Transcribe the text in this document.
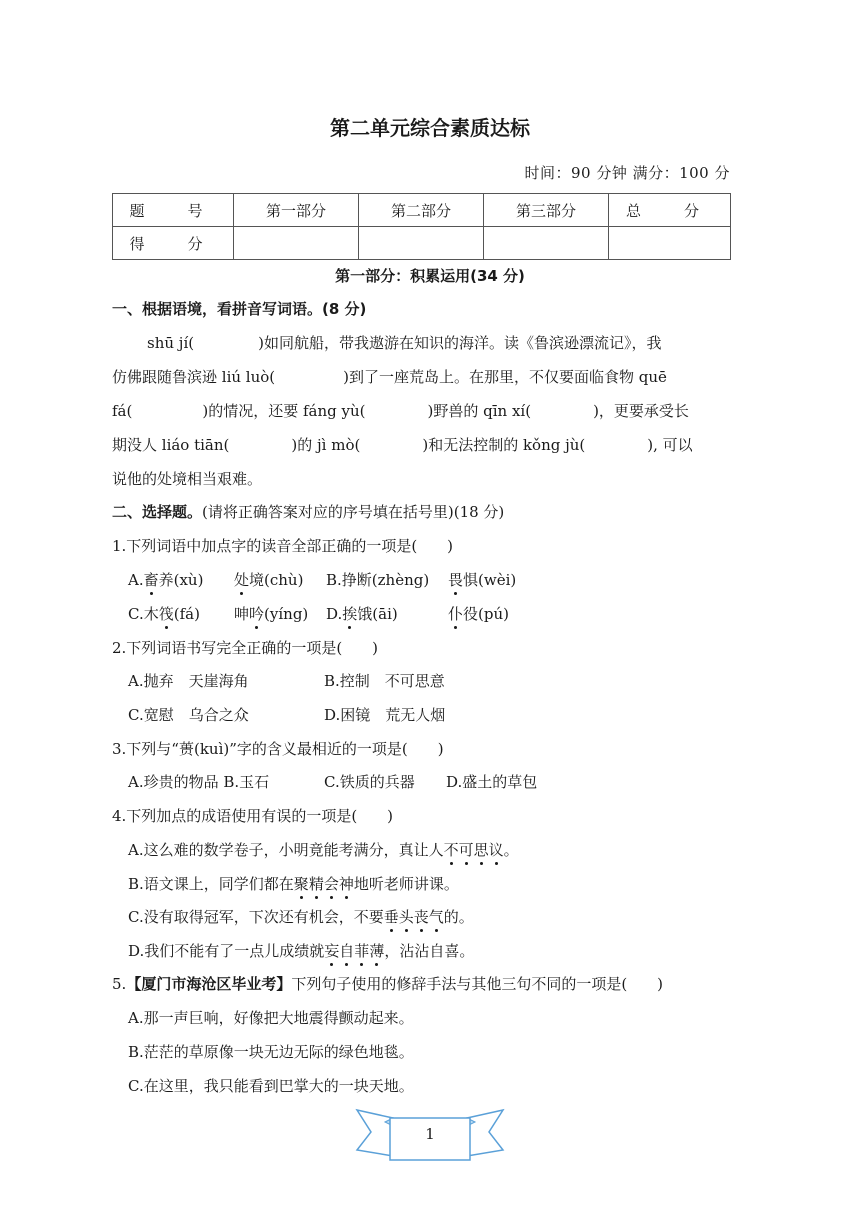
第二单元综合素质达标
时间：90 分钟 满分：100 分
题　号	第一部分	第二部分	第三部分	总　分
得　分				
第一部分：积累运用(34 分)
一、根据语境，看拼音写词语。(8 分)
shū jí(	)如同航船，带我遨游在知识的海洋。读《鲁滨逊漂流记》，我
仿佛跟随鲁滨逊 liú luò(	)到了一座荒岛上。在那里，不仅要面临食物 quē
fá(	)的情况，还要 fáng yù(	)野兽的 qīn xí(	)，更要承受长
期没人 liáo tiān(	)的 jì mò(	)和无法控制的 kǒng jù(	), 可以
说他的处境相当艰难。
二、选择题。(请将正确答案对应的序号填在括号里)(18 分)
1.下列词语中加点字的读音全部正确的一项是(　　)
A.畜养(xù) 处境(chù) B.挣断(zhèng) 畏惧(wèi)
C.木筏(fá) 呻吟(yíng) D.挨饿(āi)	仆役(pú)
2.下列词语书写完全正确的一项是(　　)
A.抛弃　天崖海角	B.控制　不可思意
C.宽慰　乌合之众	D.困镜　荒无人烟
3.下列与“蒉(kuì)”字的含义最相近的一项是(　　)
A.珍贵的物品 B.玉石	C.铁质的兵器 D.盛土的草包
4.下列加点的成语使用有误的一项是(　　)
A.这么难的数学卷子，小明竟能考满分，真让人不可思议。
B.语文课上，同学们都在聚精会神地听老师讲课。
C.没有取得冠军，下次还有机会，不要垂头丧气的。
D.我们不能有了一点儿成绩就妄自菲薄，沾沾自喜。
5.【厦门市海沧区毕业考】下列句子使用的修辞手法与其他三句不同的一项是(　　)
A.那一声巨响，好像把大地震得颤动起来。
B.茫茫的草原像一块无边无际的绿色地毯。
C.在这里，我只能看到巴掌大的一块天地。
1
